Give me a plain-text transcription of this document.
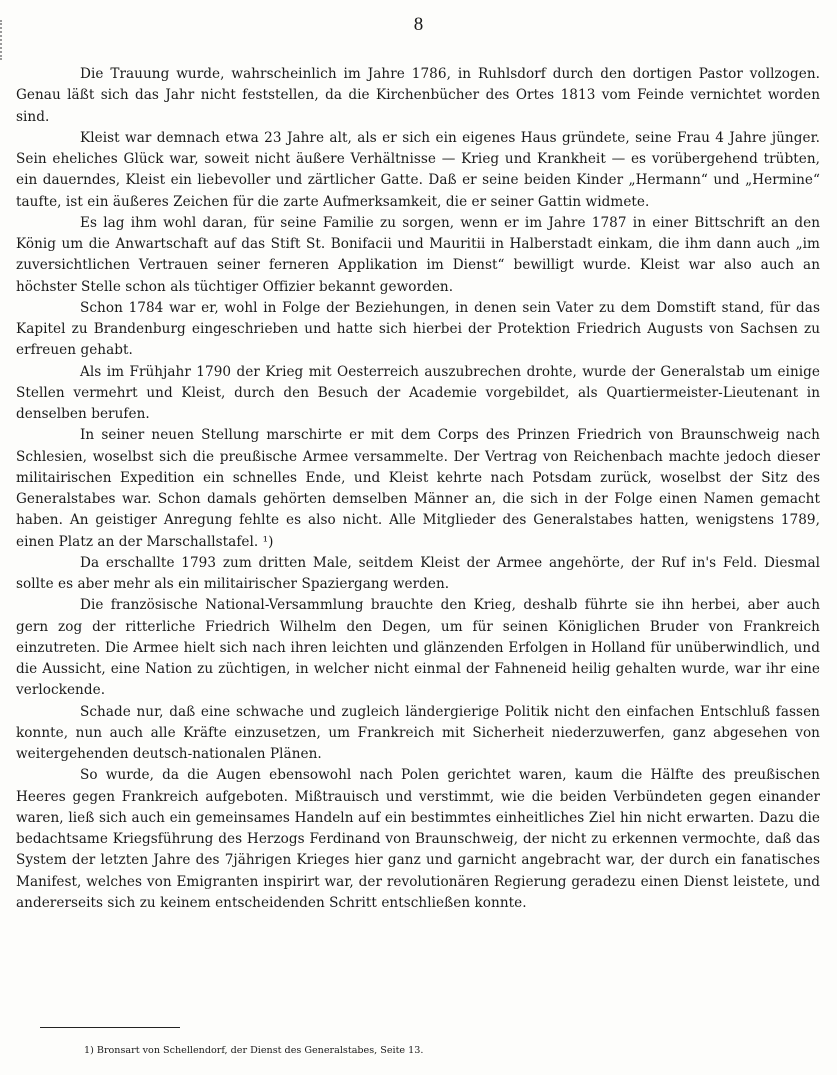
8

Die Trauung wurde, wahrscheinlich im Jahre 1786, in Ruhlsdorf durch den dortigen Pastor vollzogen. Genau läßt sich das Jahr nicht feststellen, da die Kirchenbücher des Ortes 1813 vom Feinde vernichtet worden sind.

Kleist war demnach etwa 23 Jahre alt, als er sich ein eigenes Haus gründete, seine Frau 4 Jahre jünger. Sein eheliches Glück war, soweit nicht äußere Verhältnisse — Krieg und Krankheit — es vorübergehend trübten, ein dauerndes, Kleist ein liebevoller und zärtlicher Gatte. Daß er seine beiden Kinder „Hermann“ und „Hermine“ taufte, ist ein äußeres Zeichen für die zarte Aufmerksamkeit, die er seiner Gattin widmete.

Es lag ihm wohl daran, für seine Familie zu sorgen, wenn er im Jahre 1787 in einer Bittschrift an den König um die Anwartschaft auf das Stift St. Bonifacii und Mauritii in Halberstadt einkam, die ihm dann auch „im zuversichtlichen Vertrauen seiner ferneren Applikation im Dienst“ bewilligt wurde. Kleist war also auch an höchster Stelle schon als tüchtiger Offizier bekannt geworden.

Schon 1784 war er, wohl in Folge der Beziehungen, in denen sein Vater zu dem Domstift stand, für das Kapitel zu Brandenburg eingeschrieben und hatte sich hierbei der Protektion Friedrich Augusts von Sachsen zu erfreuen gehabt.

Als im Frühjahr 1790 der Krieg mit Oesterreich auszubrechen drohte, wurde der Generalstab um einige Stellen vermehrt und Kleist, durch den Besuch der Academie vorgebildet, als Quartiermeister-Lieutenant in denselben berufen.

In seiner neuen Stellung marschirte er mit dem Corps des Prinzen Friedrich von Braunschweig nach Schlesien, woselbst sich die preußische Armee versammelte. Der Vertrag von Reichenbach machte jedoch dieser militairischen Expedition ein schnelles Ende, und Kleist kehrte nach Potsdam zurück, woselbst der Sitz des Generalstabes war. Schon damals gehörten demselben Männer an, die sich in der Folge einen Namen gemacht haben. An geistiger Anregung fehlte es also nicht. Alle Mitglieder des Generalstabes hatten, wenigstens 1789, einen Platz an der Marschallstafel. ¹)

Da erschallte 1793 zum dritten Male, seitdem Kleist der Armee angehörte, der Ruf in's Feld. Diesmal sollte es aber mehr als ein militairischer Spaziergang werden.

Die französische National-Versammlung brauchte den Krieg, deshalb führte sie ihn herbei, aber auch gern zog der ritterliche Friedrich Wilhelm den Degen, um für seinen Königlichen Bruder von Frankreich einzutreten. Die Armee hielt sich nach ihren leichten und glänzenden Erfolgen in Holland für unüberwindlich, und die Aussicht, eine Nation zu züchtigen, in welcher nicht einmal der Fahneneid heilig gehalten wurde, war ihr eine verlockende.

Schade nur, daß eine schwache und zugleich ländergierige Politik nicht den einfachen Entschluß fassen konnte, nun auch alle Kräfte einzusetzen, um Frankreich mit Sicherheit niederzuwerfen, ganz abgesehen von weitergehenden deutsch-nationalen Plänen.

So wurde, da die Augen ebensowohl nach Polen gerichtet waren, kaum die Hälfte des preußischen Heeres gegen Frankreich aufgeboten. Mißtrauisch und verstimmt, wie die beiden Verbündeten gegen einander waren, ließ sich auch ein gemeinsames Handeln auf ein bestimmtes einheitliches Ziel hin nicht erwarten. Dazu die bedachtsame Kriegsführung des Herzogs Ferdinand von Braunschweig, der nicht zu erkennen vermochte, daß das System der letzten Jahre des 7jährigen Krieges hier ganz und garnicht angebracht war, der durch ein fanatisches Manifest, welches von Emigranten inspirirt war, der revolutionären Regierung geradezu einen Dienst leistete, und andererseits sich zu keinem entscheidenden Schritt entschließen konnte.

1) Bronsart von Schellendorf, der Dienst des Generalstabes, Seite 13.
